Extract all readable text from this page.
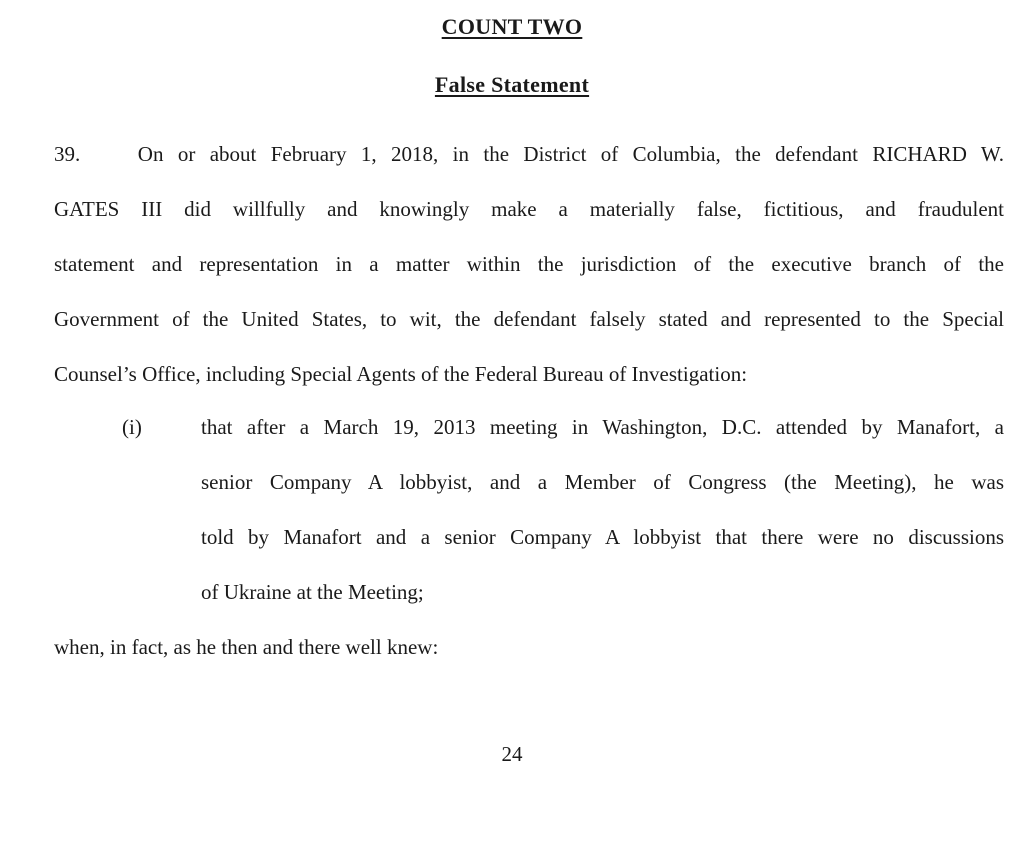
COUNT TWO
False Statement
39.	On or about February 1, 2018, in the District of Columbia, the defendant RICHARD W.
GATES III did willfully and knowingly make a materially false, fictitious, and fraudulent
statement and representation in a matter within the jurisdiction of the executive branch of the
Government of the United States, to wit, the defendant falsely stated and represented to the Special
Counsel’s Office, including Special Agents of the Federal Bureau of Investigation:
(i)	that after a March 19, 2013 meeting in Washington, D.C. attended by Manafort, a
senior Company A lobbyist, and a Member of Congress (the Meeting), he was
told by Manafort and a senior Company A lobbyist that there were no discussions
of Ukraine at the Meeting;
when, in fact, as he then and there well knew:
24
